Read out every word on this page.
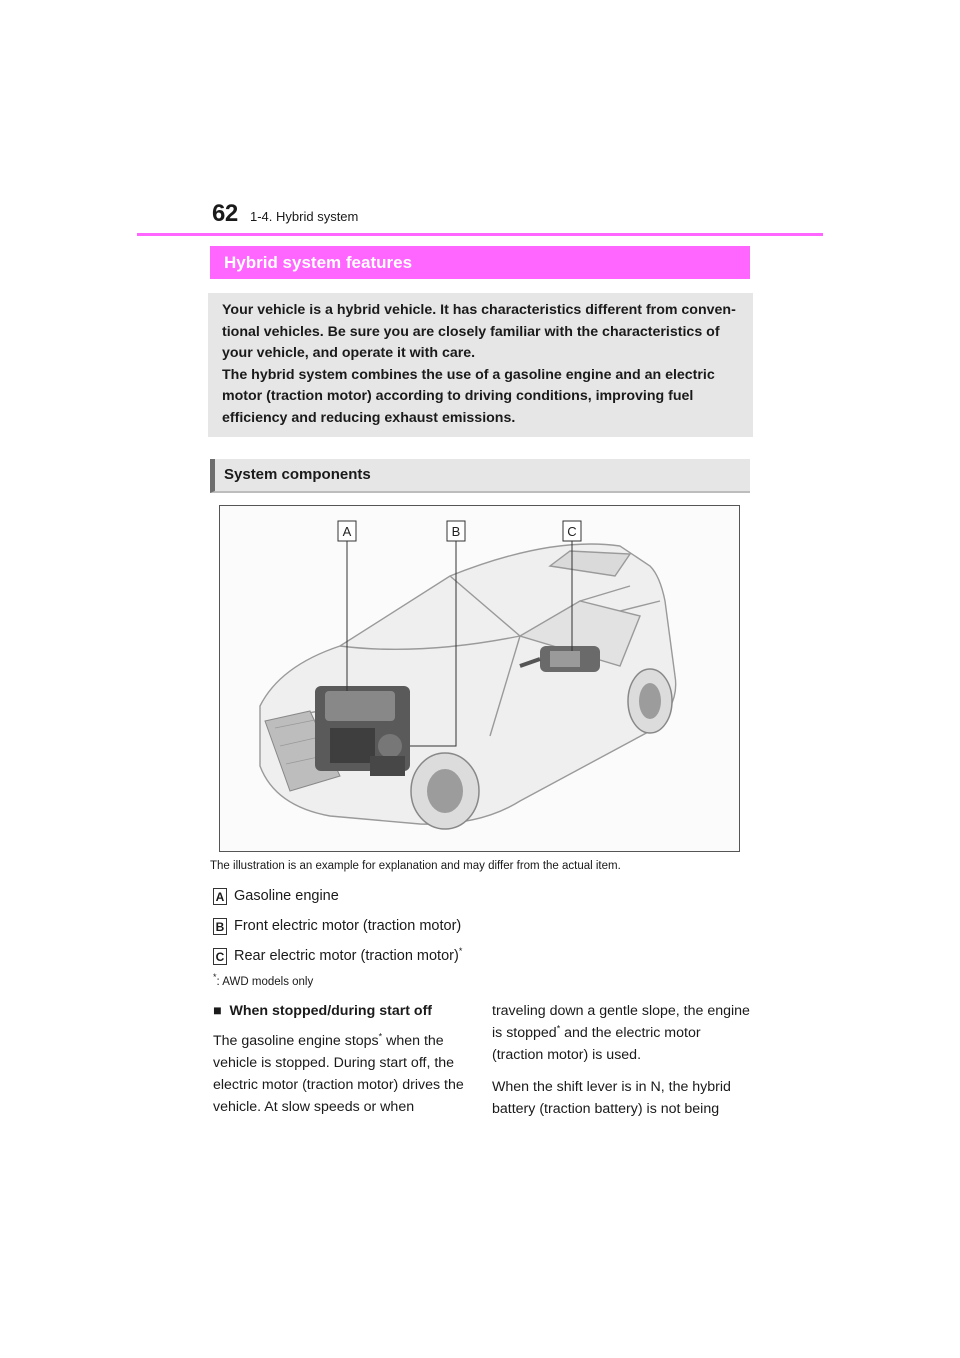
62 1-4. Hybrid system
Hybrid system features

Your vehicle is a hybrid vehicle. It has characteristics different from conven-tional vehicles. Be sure you are closely familiar with the characteristics of your vehicle, and operate it with care.

The hybrid system combines the use of a gasoline engine and an electric motor (traction motor) according to driving conditions, improving fuel efficiency and reducing exhaust emissions.

System components
A	B	C
The illustration is an example for explanation and may differ from the actual item.
A Gasoline engine
B Front electric motor (traction motor)
C Rear electric motor (traction motor)*
*: AWD models only

■ When stopped/during start off

The gasoline engine stops* when the vehicle is stopped. During start off, the electric motor (traction motor) drives the vehicle. At slow speeds or when

traveling down a gentle slope, the engine is stopped* and the electric motor (traction motor) is used.

When the shift lever is in N, the hybrid battery (traction battery) is not being
